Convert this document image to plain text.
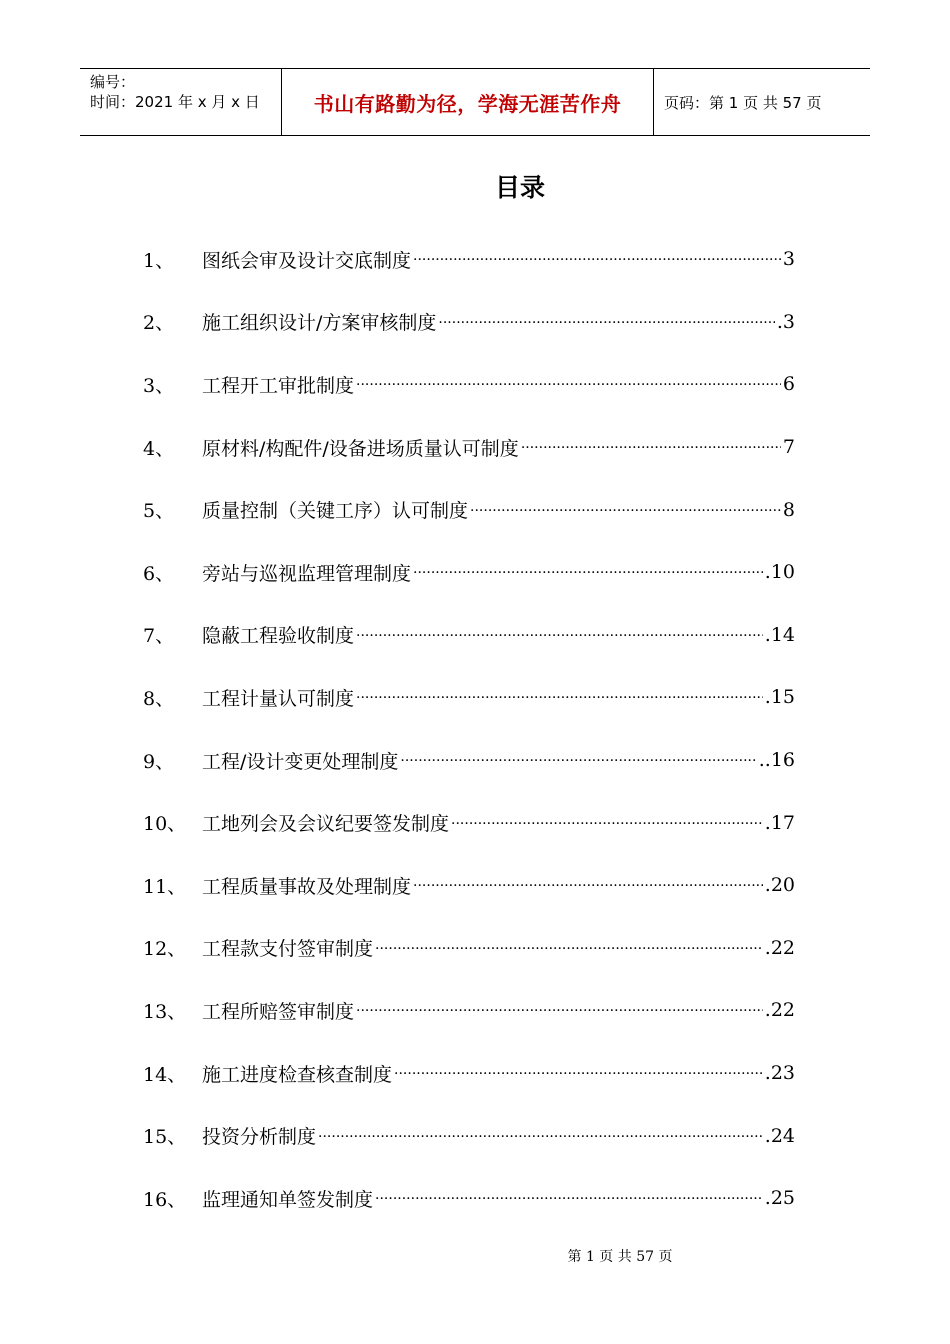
编号：
时间：2021 年 x 月 x 日	书山有路勤为径，学海无涯苦作舟	页码：第 1 页 共 57 页
目录
1、	图纸会审及设计交底制度 ·····	3
2、	施工组织设计/方案审核制度 ·····	.3
3、	工程开工审批制度 ·····	6
4、	原材料/构配件/设备进场质量认可制度 ·····	7
5、	质量控制（关键工序）认可制度 ·····	8
6、	旁站与巡视监理管理制度 ·····	.10
7、	隐蔽工程验收制度 ·····	.14
8、	工程计量认可制度 ·····	.15
9、	工程/设计变更处理制度 ·····	..16
10、 工地列会及会议纪要签发制度 ·····	.17
11、 工程质量事故及处理制度 ·····	.20
12、 工程款支付签审制度 ·····	.22
13、 工程所赔签审制度 ·····	.22
14、 施工进度检查核查制度 ·····	.23
15、 投资分析制度 ·····	.24
16、 监理通知单签发制度 ·····	.25
第 1 页 共 57 页
